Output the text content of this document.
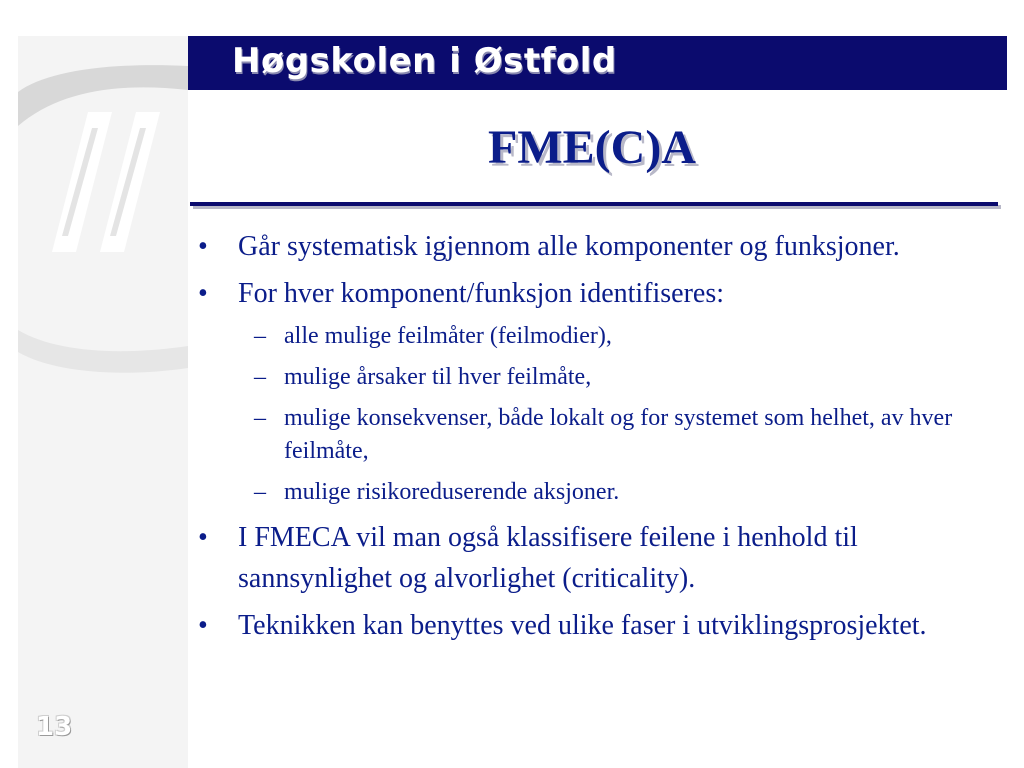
Høgskolen i Østfold
FME(C)A
• Går systematisk igjennom alle komponenter og funksjoner.
• For hver komponent/funksjon identifiseres:
– alle mulige feilmåter (feilmodier),
– mulige årsaker til hver feilmåte,
– mulige konsekvenser, både lokalt og for systemet som helhet, av hver feilmåte,
– mulige risikoreduserende aksjoner.
• I FMECA vil man også klassifisere feilene i henhold til sannsynlighet og alvorlighet (criticality).
• Teknikken kan benyttes ved ulike faser i utviklingsprosjektet.
13
